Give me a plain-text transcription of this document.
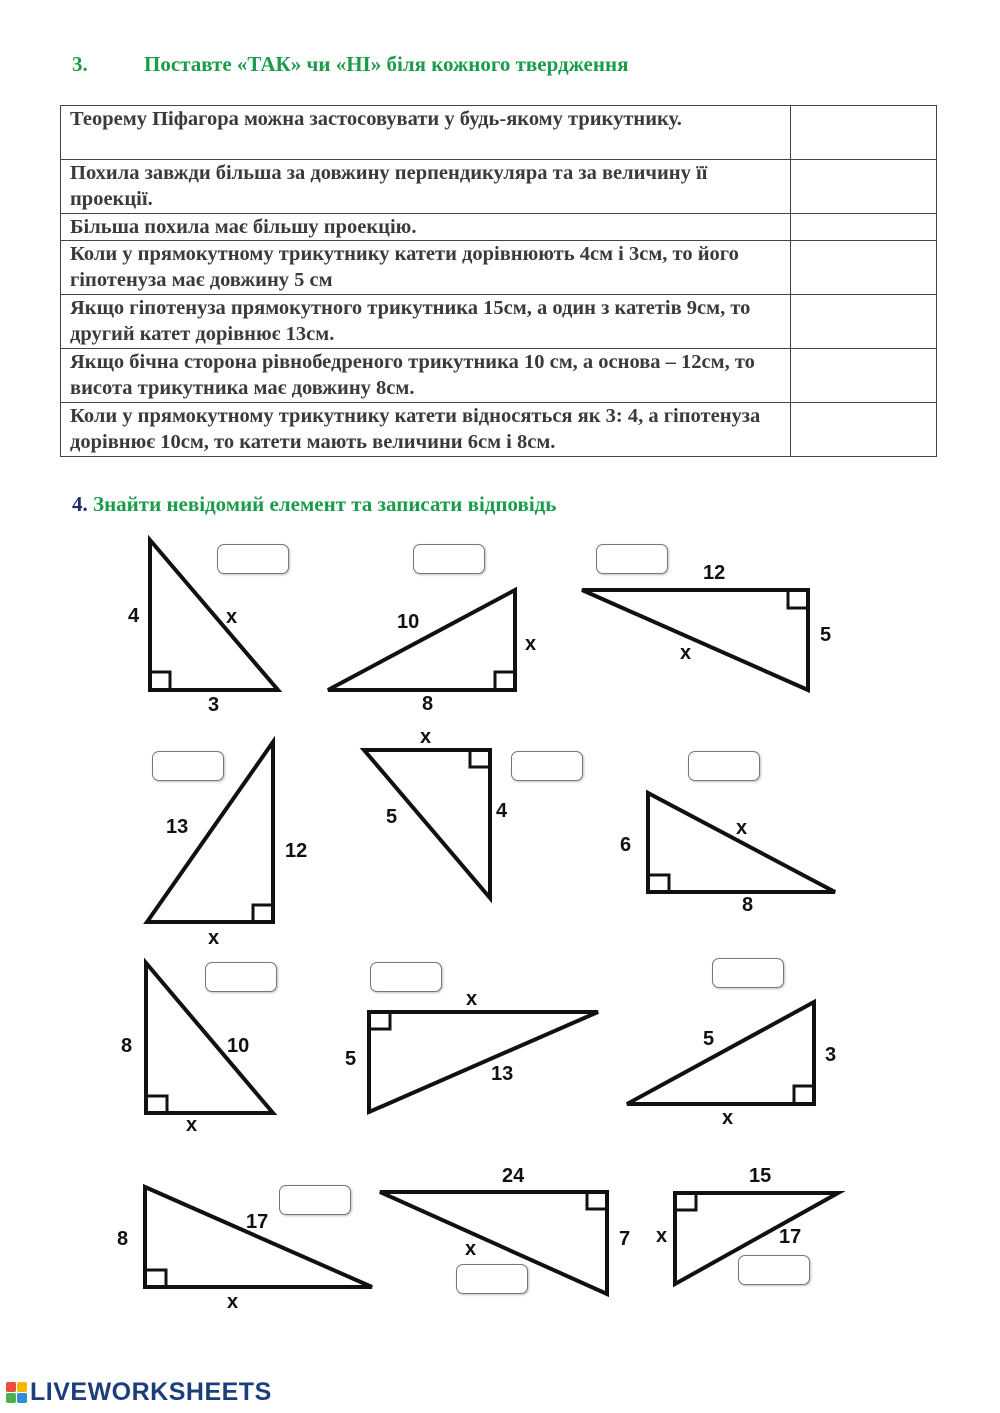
3.	Поставте «ТАК» чи «НІ» біля кожного твердження
Теорему Піфагора можна застосовувати у будь-якому трикутнику.	
Похила завжди більша за довжину перпендикуляра та за величину її проекції.	
Більша похила має більшу проекцію.	
Коли у прямокутному трикутнику катети дорівнюють 4см і 3см, то його гіпотенуза має довжину 5 см	
Якщо гіпотенуза прямокутного трикутника 15см, а один з катетів 9см, то другий катет дорівнює 13см.	
Якщо бічна сторона рівнобедреного трикутника 10 см, а основа – 12см, то висота трикутника має довжину 8см.	
Коли у прямокутному трикутнику катети відносяться як 3: 4, а гіпотенуза дорівнює 10см, то катети мають величини 6см і 8см.	
4. Знайти невідомий елемент та записати відповідь
4	x
3
10
x
8
12
5
x
13
12
x
x
5	4
6
x
8
8	10
x
x
5
13
5
3
x
8
17
x
24
7
x
15
x	17
LIVEWORKSHEETS
